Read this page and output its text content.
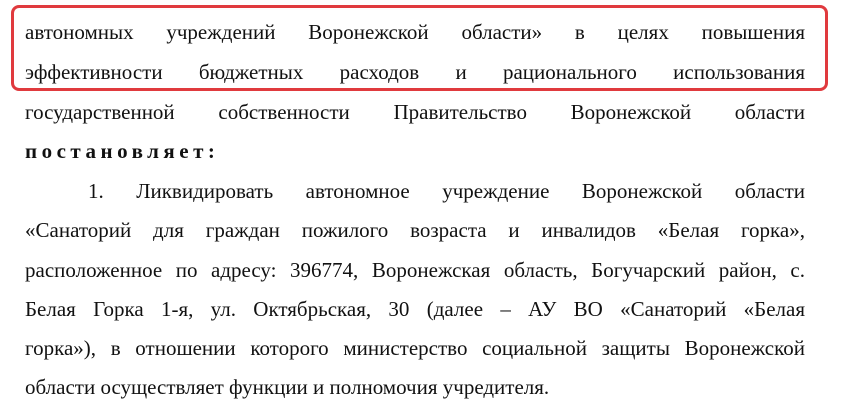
автономных учреждений Воронежской области» в целях повышения
эффективности бюджетных расходов и рационального использования
государственной собственности Правительство Воронежской области
постановляет:
1. Ликвидировать автономное учреждение Воронежской области
«Санаторий для граждан пожилого возраста и инвалидов «Белая горка»,
расположенное по адресу: 396774, Воронежская область, Богучарский район, с.
Белая Горка 1-я, ул. Октябрьская, 30 (далее – АУ ВО «Санаторий «Белая
горка»), в отношении которого министерство социальной защиты Воронежской
области осуществляет функции и полномочия учредителя.
